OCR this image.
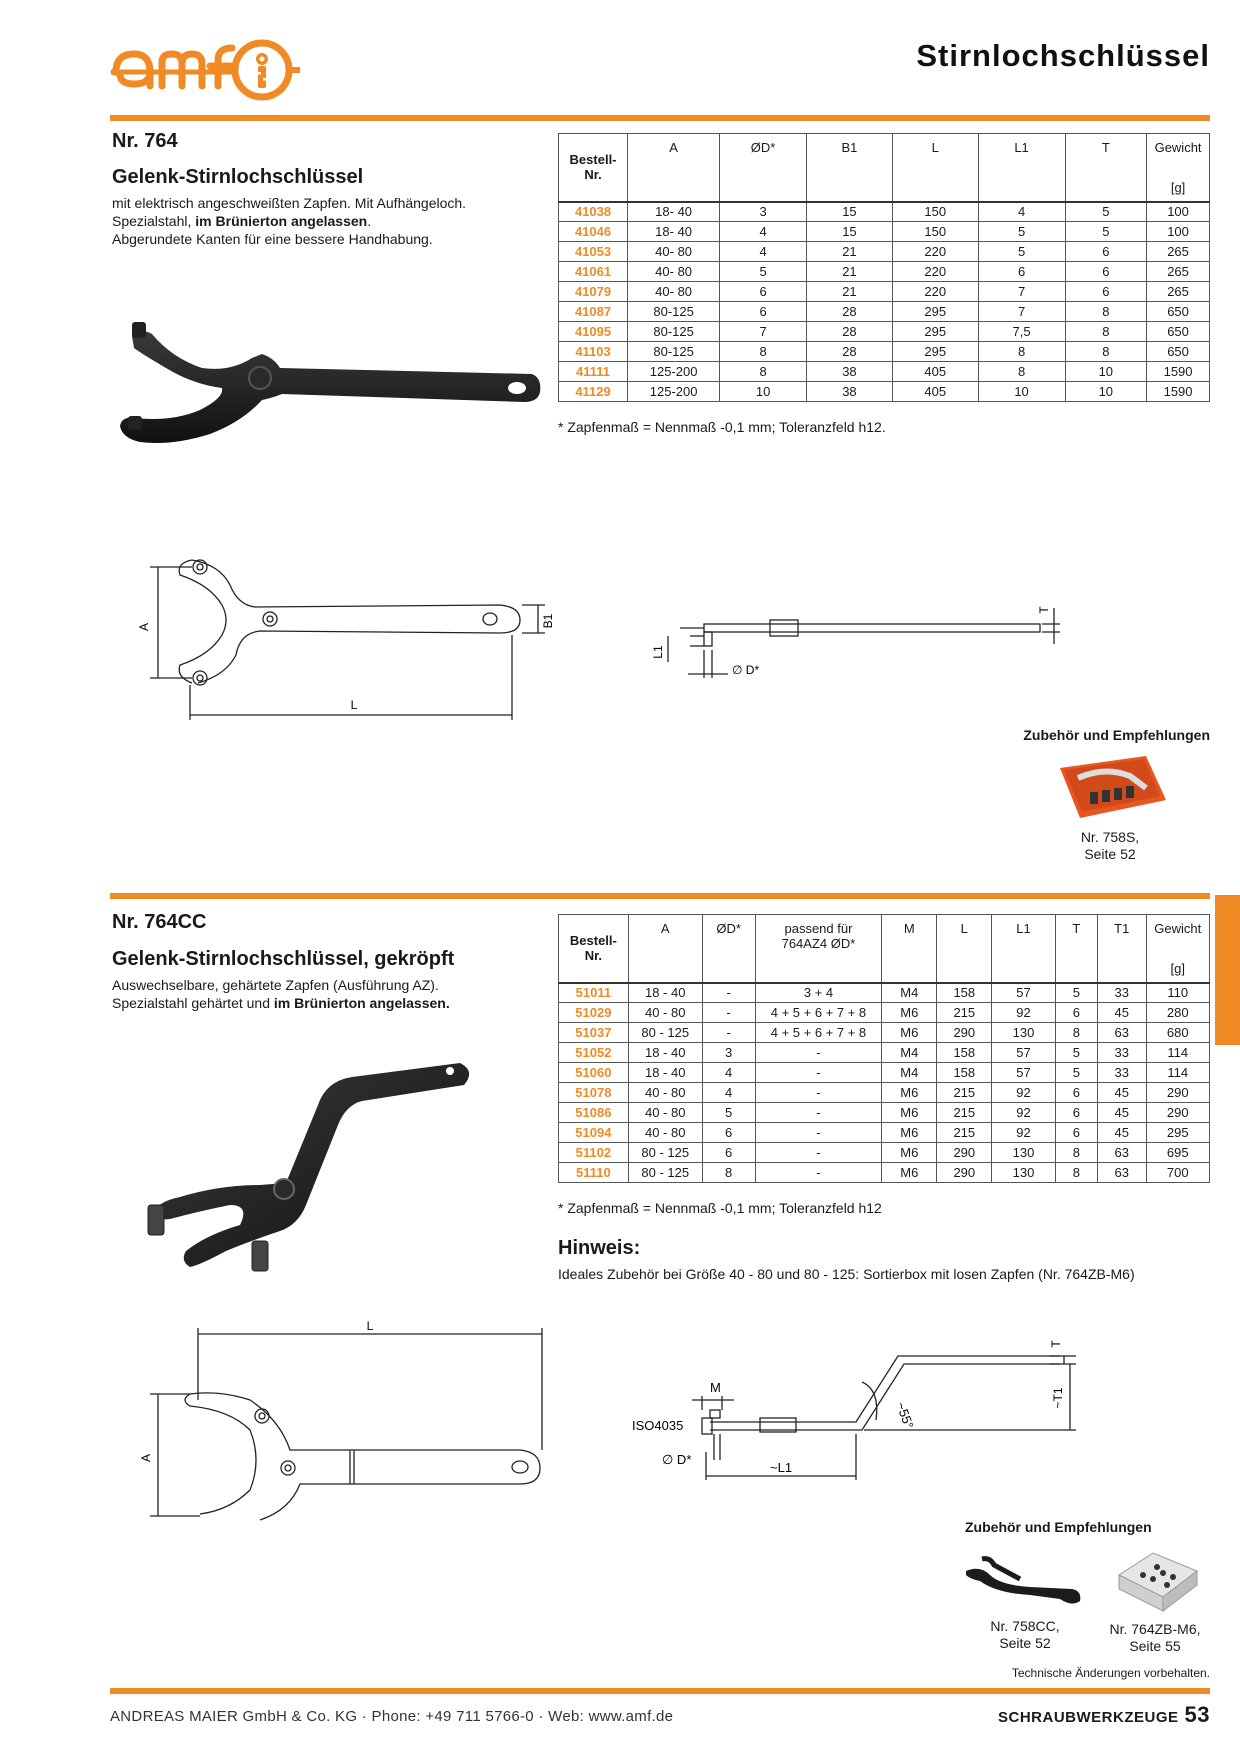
Stirnlochschlüssel
Nr. 764
Gelenk-Stirnlochschlüssel
mit elektrisch angeschweißten Zapfen. Mit Aufhängeloch.
Spezialstahl, im Brünierton angelassen.
Abgerundete Kanten für eine bessere Handhabung.
Bestell-
Nr.	A	ØD*	B1	L	L1	T	Gewicht
[g]

41038	18- 40	3	15	150	4	5	100
41046	18- 40	4	15	150	5	5	100
41053	40- 80	4	21	220	5	6	265
41061	40- 80	5	21	220	6	6	265
41079	40- 80	6	21	220	7	6	265
41087	80-125	6	28	295	7	8	650
41095	80-125	7	28	295	7,5	8	650
41103	80-125	8	28	295	8	8	650
41111	125-200	8	38	405	8	10	1590
41129	125-200	10	38	405	10	10	1590
* Zapfenmaß = Nennmaß -0,1 mm; Toleranzfeld h12.
A
L
B1
L1
∅ D*
T
Zubehör und Empfehlungen
Nr. 758S,
Seite 52
Nr. 764CC
Gelenk-Stirnlochschlüssel, gekröpft
Auswechselbare, gehärtete Zapfen (Ausführung AZ).
Spezialstahl gehärtet und im Brünierton angelassen.
Bestell-
Nr.	A	ØD*	passend für
764AZ4 ØD*	M	L	L1	T	T1	Gewicht
[g]

51011	18 - 40	-	3 + 4	M4	158	57	5	33	110
51029	40 - 80	-	4 + 5 + 6 + 7 + 8	M6	215	92	6	45	280
51037	80 - 125	-	4 + 5 + 6 + 7 + 8	M6	290	130	8	63	680
51052	18 - 40	3	-	M4	158	57	5	33	114
51060	18 - 40	4	-	M4	158	57	5	33	114
51078	40 - 80	4	-	M6	215	92	6	45	290
51086	40 - 80	5	-	M6	215	92	6	45	290
51094	40 - 80	6	-	M6	215	92	6	45	295
51102	80 - 125	6	-	M6	290	130	8	63	695
51110	80 - 125	8	-	M6	290	130	8	63	700
* Zapfenmaß = Nennmaß -0,1 mm; Toleranzfeld h12
Hinweis:
Ideales Zubehör bei Größe 40 - 80 und 80 - 125: Sortierbox mit losen Zapfen (Nr. 764ZB-M6)
L
A
M
ISO4035
∅ D*
~L1
~55°
T
~T1
Zubehör und Empfehlungen
Nr. 758CC,
Seite 52
Nr. 764ZB-M6,
Seite 55
Technische Änderungen vorbehalten.
ANDREAS MAIER GmbH & Co. KG · Phone: +49 711 5766-0 · Web: www.amf.de	SCHRAUBWERKZEUGE 53
